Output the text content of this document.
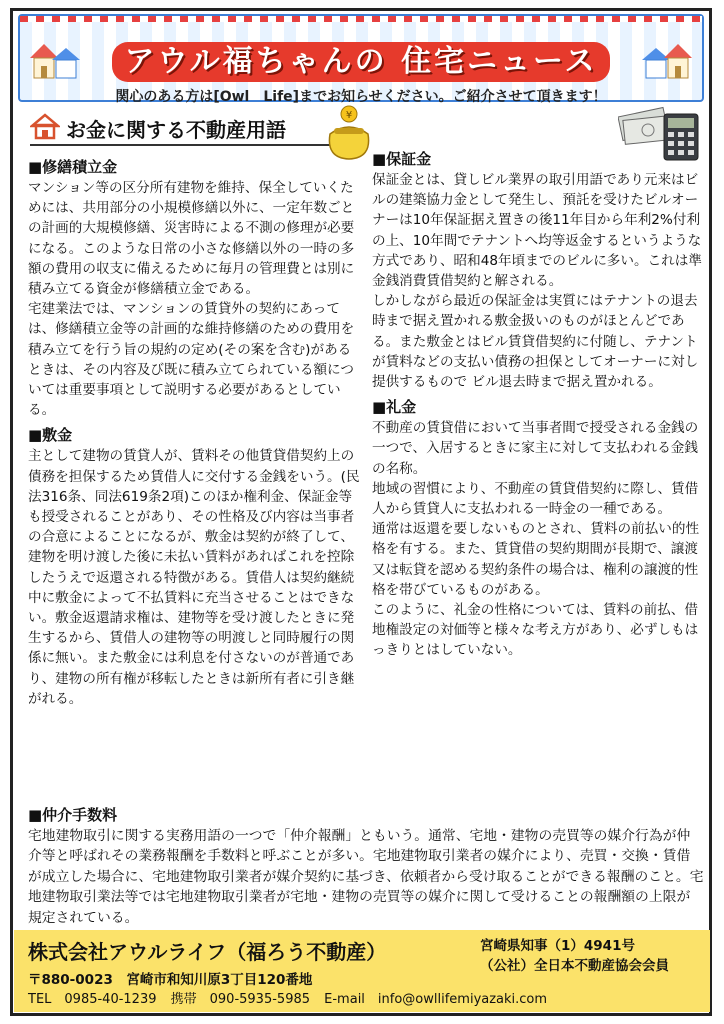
アウル福ちゃんの 住宅ニュース
関心のある方は[Owl　Life]までお知らせください。ご紹介させて頂きます！
お金に関する不動産用語
¥

■修繕積立金

マンション等の区分所有建物を維持、保全していくためには、共用部分の小規模修繕以外に、一定年数ごとの計画的大規模修繕、災害時による不測の修理が必要になる。このような日常の小さな修繕以外の一時の多額の費用の収支に備えるために毎月の管理費とは別に積み立てる資金が修繕積立金である。

宅建業法では、マンションの賃貸外の契約にあっては、修繕積立金等の計画的な維持修繕のための費用を積み立てを行う旨の規約の定め(その案を含む)があるときは、その内容及び既に積み立てられている額については重要事項として説明する必要があるとしている。

■敷金

主として建物の賃貸人が、賃料その他賃貸借契約上の債務を担保するため賃借人に交付する金銭をいう。(民法316条、同法619条2項)このほか権利金、保証金等も授受されることがあり、その性格及び内容は当事者の合意によることになるが、敷金は契約が終了して、建物を明け渡した後に未払い賃料があればこれを控除したうえで返還される特徴がある。賃借人は契約継続中に敷金によって不払賃料に充当させることはできない。敷金返還請求権は、建物等を受け渡したときに発生するから、賃借人の建物等の明渡しと同時履行の関係に無い。また敷金には利息を付さないのが普通であり、建物の所有権が移転したときは新所有者に引き継がれる。

■保証金

保証金とは、貸しビル業界の取引用語であり元来はビルの建築協力金として発生し、預託を受けたビルオーナーは10年保証据え置きの後11年目から年利2%付利の上、10年間でテナントへ均等返金するというような方式であり、昭和48年頃までのビルに多い。これは準金銭消費賃借契約と解される。

しかしながら最近の保証金は実質にはテナントの退去時まで据え置かれる敷金扱いのものがほとんどである。また敷金とはビル賃貸借契約に付随し、テナントが賃料などの支払い債務の担保としてオーナーに対し提供するもので ビル退去時まで据え置かれる。

■礼金

不動産の賃貸借において当事者間で授受される金銭の一つで、入居するときに家主に対して支払われる金銭の名称。

地域の習慣により、不動産の賃貸借契約に際し、賃借人から賃貸人に支払われる一時金の一種である。

通常は返還を要しないものとされ、賃料の前払い的性格を有する。また、賃貸借の契約期間が長期で、譲渡又は転貸を認める契約条件の場合は、権利の譲渡的性格を帯びているものがある。

このように、礼金の性格については、賃料の前払、借地権設定の対価等と様々な考え方があり、必ずしもはっきりとはしていない。

■仲介手数料

宅地建物取引に関する実務用語の一つで「仲介報酬」ともいう。通常、宅地・建物の売買等の媒介行為が仲介等と呼ばれその業務報酬を手数料と呼ぶことが多い。宅地建物取引業者の媒介により、売買・交換・賃借が成立した場合に、宅地建物取引業者が媒介契約に基づき、依頼者から受け取ることができる報酬のこと。宅地建物取引業法等では宅地建物取引業者が宅地・建物の売買等の媒介に関して受けることの報酬額の上限が規定されている。

株式会社アウルライフ（福ろう不動産）	宮崎県知事（1）4941号
（公社）全日本不動産協会会員
〒880-0023　宮崎市和知川原3丁目120番地
TEL　0985-40-1239 携帯　090-5935-5985 E-mail　info@owllifemiyazaki.com
